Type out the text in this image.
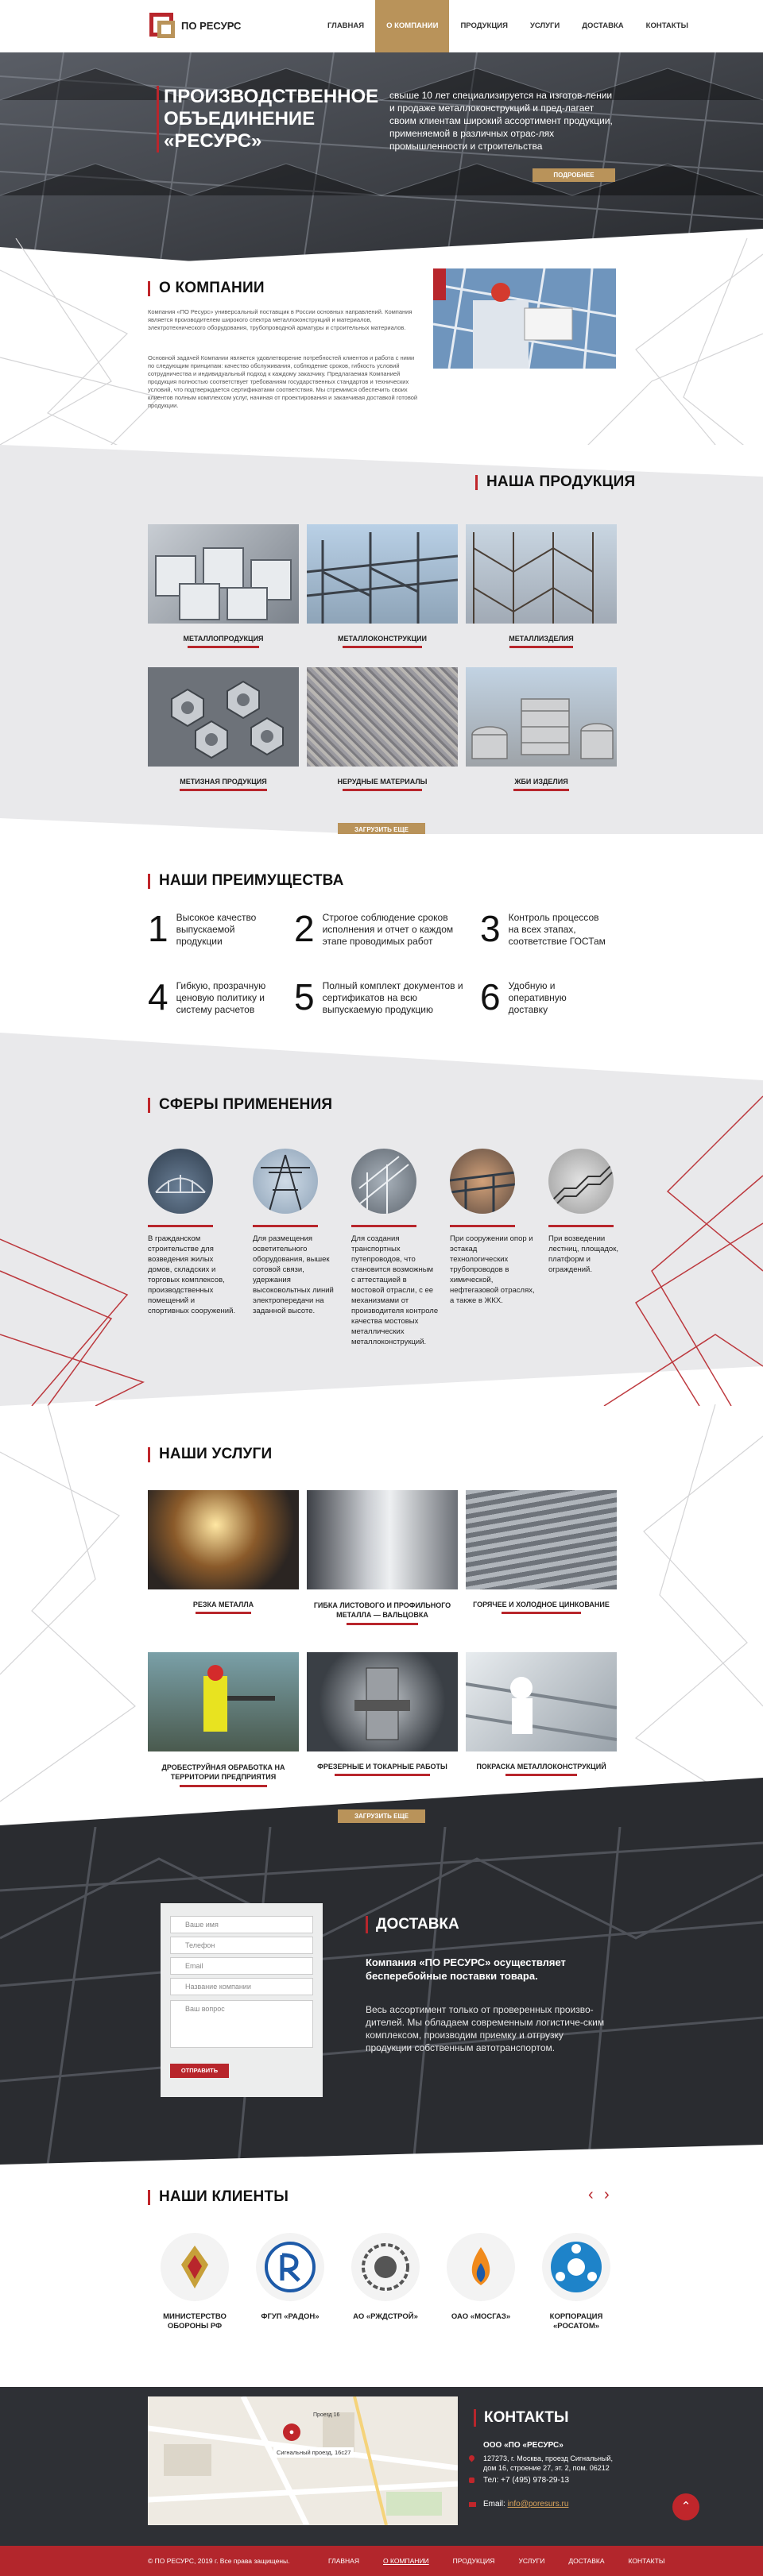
ПО РЕСУРС	ГЛАВНАЯ	О КОМПАНИИ	ПРОДУКЦИЯ	УСЛУГИ	ДОСТАВКА	КОНТАКТЫ
ПРОИЗВОДСТВЕННОЕ
ОБЪЕДИНЕНИЕ
«РЕСУРС»
свыше 10 лет специализируется на изготов-лении и продаже металлоконструкций и пред-лагает своим клиентам широкий ассортимент продукции, применяемой в различных отрас-лях промышленности и строительства
ПОДРОБНЕЕ
О КОМПАНИИ
Компания «ПО Ресурс» универсальный поставщик в России основных направлений. Компания является производителем широкого спектра металлоконструкций и материалов, электротехнического оборудования, трубопроводной арматуры и строительных материалов.
Основной задачей Компании является удовлетворение потребностей клиентов и работа с ними по следующим принципам: качество обслуживания, соблюдение сроков, гибкость условий сотрудничества и индивидуальный подход к каждому заказчику. Предлагаемая Компанией продукция полностью соответствует требованиям государственных стандартов и технических условий, что подтверждается сертификатами соответствия. Мы стремимся обеспечить своих клиентов полным комплексом услуг, начиная от проектирования и заканчивая доставкой готовой продукции.
НАША ПРОДУКЦИЯ
МЕТАЛЛОПРОДУКЦИЯ	МЕТАЛЛОКОНСТРУКЦИИ	МЕТАЛЛИЗДЕЛИЯ
МЕТИЗНАЯ ПРОДУКЦИЯ	НЕРУДНЫЕ МАТЕРИАЛЫ	ЖБИ ИЗДЕЛИЯ
ЗАГРУЗИТЬ ЕЩЕ
НАШИ ПРЕИМУЩЕСТВА
1 Высокое качество выпускаемой продукции	2 Строгое соблюдение сроков исполнения и отчет о каждом этапе проводимых работ	3 Контроль процессов на всех этапах, соответствие ГОСТам
4 Гибкую, прозрачную ценовую политику и систему расчетов	5 Полный комплект документов и сертификатов на всю выпускаемую продукцию	6 Удобную и оперативную доставку
СФЕРЫ ПРИМЕНЕНИЯ
В гражданском строительстве для возведения жилых домов, складских и торговых комплексов, производственных помещений и спортивных сооружений.
Для размещения осветительного оборудования, вышек сотовой связи, удержания высоковольтных линий электропередачи на заданной высоте.
Для создания транспортных путепроводов, что становится возможным с аттестацией в мостовой отрасли, с ее механизмами от производителя контроле качества мостовых металлических металлоконструкций.
При сооружении опор и эстакад технологических трубопроводов в химической, нефтегазовой отраслях, а также в ЖКХ.
При возведении лестниц, площадок, платформ и ограждений.
НАШИ УСЛУГИ
РЕЗКА МЕТАЛЛА	ГИБКА ЛИСТОВОГО И ПРОФИЛЬНОГО МЕТАЛЛА — ВАЛЬЦОВКА
ГОРЯЧЕЕ И ХОЛОДНОЕ ЦИНКОВАНИЕ
ДРОБЕСТРУЙНАЯ ОБРАБОТКА НА ТЕРРИТОРИИ ПРЕДПРИЯТИЯ
ФРЕЗЕРНЫЕ И ТОКАРНЫЕ РАБОТЫ	ПОКРАСКА МЕТАЛЛОКОНСТРУКЦИЙ
ЗАГРУЗИТЬ ЕЩЕ
Ваше имя
Телефон
Email
Название компании
Ваш вопрос
ОТПРАВИТЬ
ДОСТАВКА
Компания «ПО РЕСУРС» осуществляет бесперебойные поставки товара.
Весь ассортимент только от проверенных произво-дителей. Мы обладаем современным логистиче-ским комплексом, производим приемку и отгрузку продукции собственным автотранспортом.
НАШИ КЛИЕНТЫ	‹ ›
МИНИСТЕРСТВО ОБОРОНЫ РФ
ФГУП «РАДОН»	АО «РЖДСТРОЙ»	ОАО «МОСГАЗ»	КОРПОРАЦИЯ «РОСАТОМ»
●
Сигнальный проезд, 16с27
Проезд 16	КОНТАКТЫ
ООО «ПО «РЕСУРС»
127273, г. Москва, проезд Сигнальный, дом 16, строение 27, эт. 2, пом. 06212
Тел: +7 (495) 978-29-13
Email: info@poresurs.ru	⌃
© ПО РЕСУРС, 2019 г. Все права защищены.	ГЛАВНАЯ	О КОМПАНИИ	ПРОДУКЦИЯ	УСЛУГИ	ДОСТАВКА	КОНТАКТЫ
